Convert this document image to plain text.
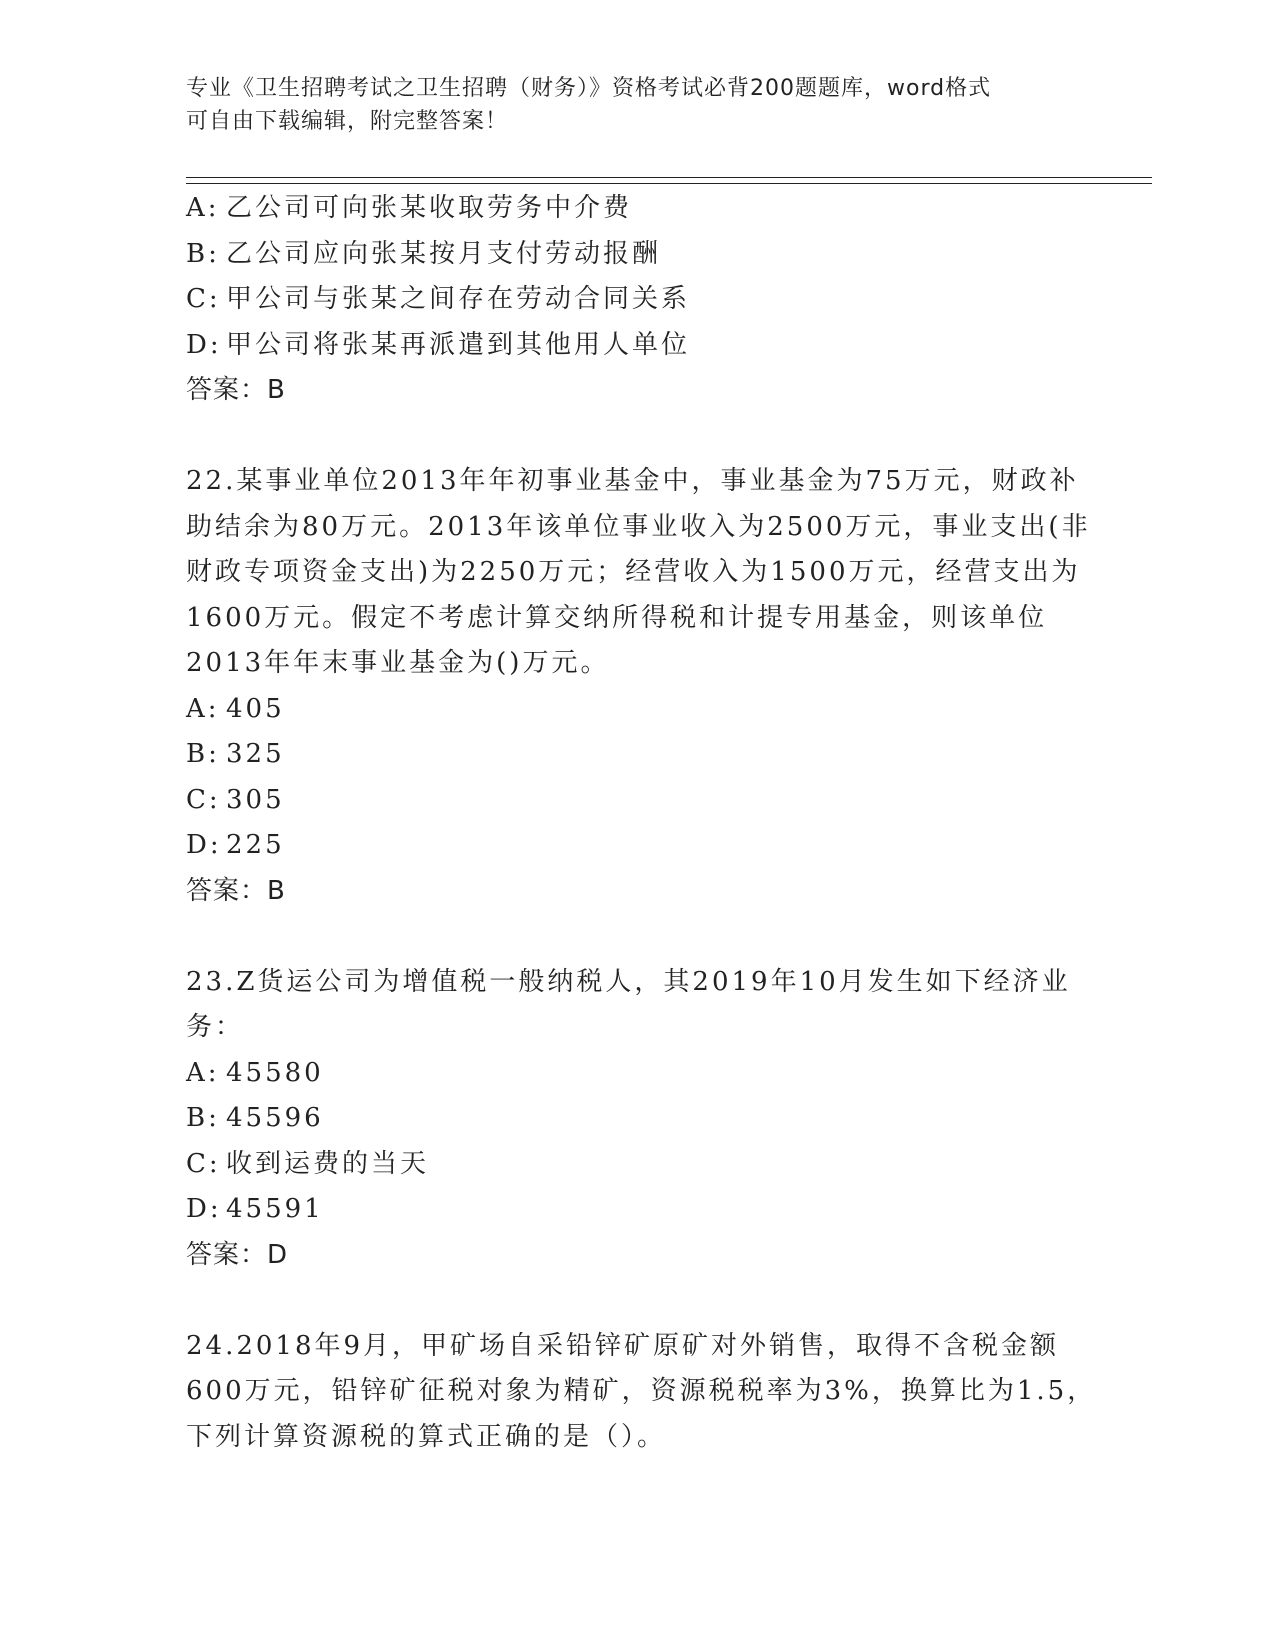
专业《卫生招聘考试之卫生招聘（财务）》资格考试必背200题题库，word格式
可自由下载编辑，附完整答案！
A: 乙公司可向张某收取劳务中介费
B: 乙公司应向张某按月支付劳动报酬
C: 甲公司与张某之间存在劳动合同关系
D: 甲公司将张某再派遣到其他用人单位
答案：B
22.某事业单位2013年年初事业基金中，事业基金为75万元，财政补
助结余为80万元。2013年该单位事业收入为2500万元，事业支出(非
财政专项资金支出)为2250万元；经营收入为1500万元，经营支出为
1600万元。假定不考虑计算交纳所得税和计提专用基金，则该单位
2013年年末事业基金为()万元。
A: 405
B: 325
C: 305
D: 225
答案：B
23.Z货运公司为增值税一般纳税人，其2019年10月发生如下经济业
务：
A: 45580
B: 45596
C: 收到运费的当天
D: 45591
答案：D
24.2018年9月，甲矿场自采铅锌矿原矿对外销售，取得不含税金额
600万元，铅锌矿征税对象为精矿，资源税税率为3%，换算比为1.5，
下列计算资源税的算式正确的是（）。
